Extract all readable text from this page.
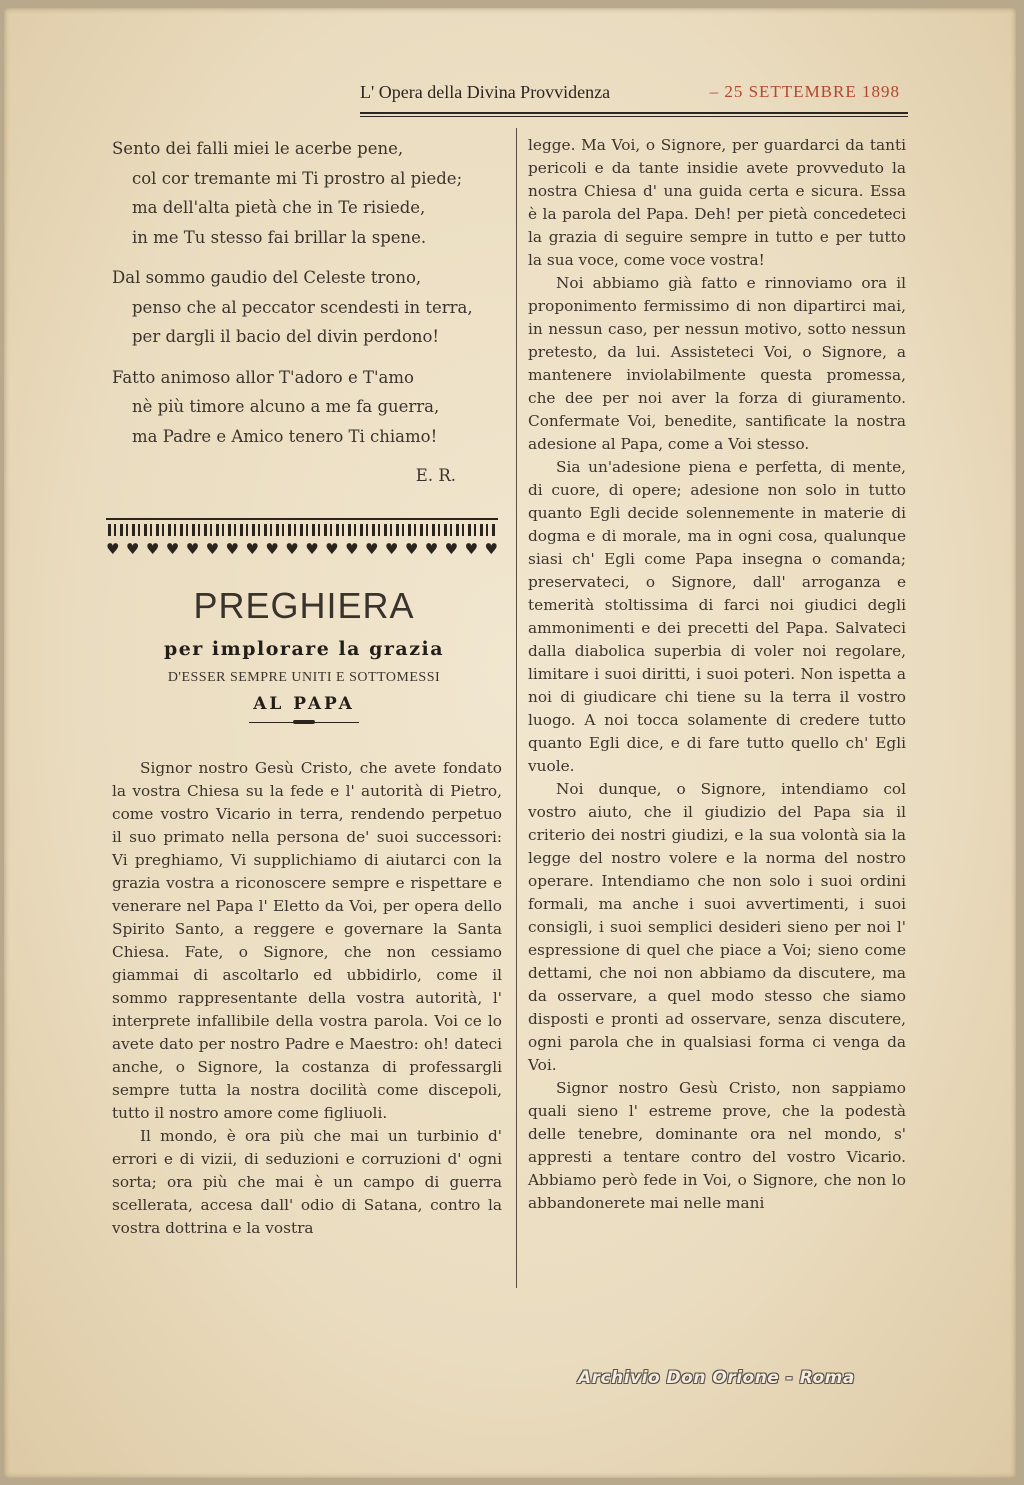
L' Opera della Divina Provvidenza	– 25 SETTEMBRE 1898
Sento dei falli miei le acerbe pene,
col cor tremante mi Ti prostro al piede;
ma dell'alta pietà che in Te risiede,
in me Tu stesso fai brillar la spene.
Dal sommo gaudio del Celeste trono,
penso che al peccator scendesti in terra,
per dargli il bacio del divin perdono!
Fatto animoso allor T'adoro e T'amo
nè più timore alcuno a me fa guerra,
ma Padre e Amico tenero Ti chiamo!
E. R.
♥ ♥ ♥ ♥ ♥ ♥ ♥ ♥ ♥ ♥ ♥ ♥ ♥ ♥ ♥ ♥ ♥ ♥ ♥ ♥
PREGHIERA
per implorare la grazia
D'ESSER SEMPRE UNITI E SOTTOMESSI
AL PAPA

Signor nostro Gesù Cristo, che avete fondato la vostra Chiesa su la fede e l' autorità di Pietro, come vostro Vicario in terra, rendendo perpetuo il suo primato nella persona de' suoi successori: Vi preghiamo, Vi supplichiamo di aiutarci con la grazia vostra a riconoscere sempre e rispettare e venerare nel Papa l' Eletto da Voi, per opera dello Spirito Santo, a reggere e governare la Santa Chiesa. Fate, o Signore, che non cessiamo giammai di ascoltarlo ed ubbidirlo, come il sommo rappresentante della vostra autorità, l' interprete infallibile della vostra parola. Voi ce lo avete dato per nostro Padre e Maestro: oh! dateci anche, o Signore, la costanza di professargli sempre tutta la nostra docilità come discepoli, tutto il nostro amore come figliuoli.

Il mondo, è ora più che mai un turbinio d' errori e di vizii, di seduzioni e corruzioni d' ogni sorta; ora più che mai è un campo di guerra scellerata, accesa dall' odio di Satana, contro la vostra dottrina e la vostra

legge. Ma Voi, o Signore, per guardarci da tanti pericoli e da tante insidie avete provveduto la nostra Chiesa d' una guida certa e sicura. Essa è la parola del Papa. Deh! per pietà concedeteci la grazia di seguire sempre in tutto e per tutto la sua voce, come voce vostra!

Noi abbiamo già fatto e rinnoviamo ora il proponimento fermissimo di non dipartirci mai, in nessun caso, per nessun motivo, sotto nessun pretesto, da lui. Assisteteci Voi, o Signore, a mantenere inviolabilmente questa promessa, che dee per noi aver la forza di giuramento. Confermate Voi, benedite, santificate la nostra adesione al Papa, come a Voi stesso.

Sia un'adesione piena e perfetta, di mente, di cuore, di opere; adesione non solo in tutto quanto Egli decide solennemente in materie di dogma e di morale, ma in ogni cosa, qualunque siasi ch' Egli come Papa insegna o comanda; preservateci, o Signore, dall' arroganza e temerità stoltissima di farci noi giudici degli ammonimenti e dei precetti del Papa. Salvateci dalla diabolica superbia di voler noi regolare, limitare i suoi diritti, i suoi poteri. Non ispetta a noi di giudicare chi tiene su la terra il vostro luogo. A noi tocca solamente di credere tutto quanto Egli dice, e di fare tutto quello ch' Egli vuole.

Noi dunque, o Signore, intendiamo col vostro aiuto, che il giudizio del Papa sia il criterio dei nostri giudizi, e la sua volontà sia la legge del nostro volere e la norma del nostro operare. Intendiamo che non solo i suoi ordini formali, ma anche i suoi avvertimenti, i suoi consigli, i suoi semplici desideri sieno per noi l' espressione di quel che piace a Voi; sieno come dettami, che noi non abbiamo da discutere, ma da osservare, a quel modo stesso che siamo disposti e pronti ad osservare, senza discutere, ogni parola che in qualsiasi forma ci venga da Voi.

Signor nostro Gesù Cristo, non sappiamo quali sieno l' estreme prove, che la podestà delle tenebre, dominante ora nel mondo, s' appresti a tentare contro del vostro Vicario. Abbiamo però fede in Voi, o Signore, che non lo abbandonerete mai nelle mani

Archivio Don Orione - Roma
